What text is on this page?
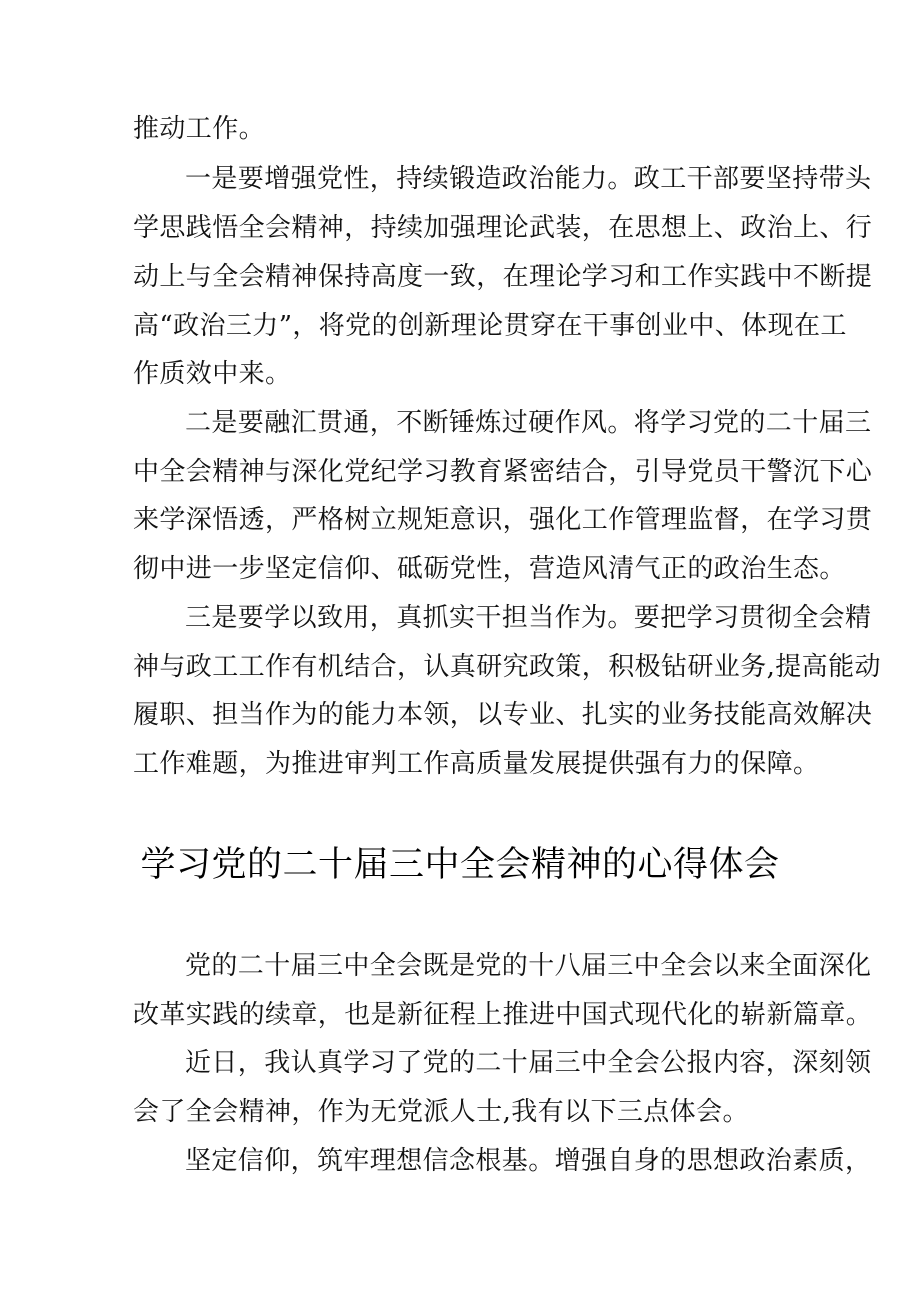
推动工作。
一是要增强党性，持续锻造政治能力。政工干部要坚持带头
学思践悟全会精神，持续加强理论武装，在思想上、政治上、行
动上与全会精神保持高度一致，在理论学习和工作实践中不断提
高“政治三力”，将党的创新理论贯穿在干事创业中、体现在工
作质效中来。
二是要融汇贯通，不断锤炼过硬作风。将学习党的二十届三
中全会精神与深化党纪学习教育紧密结合，引导党员干警沉下心
来学深悟透，严格树立规矩意识，强化工作管理监督，在学习贯
彻中进一步坚定信仰、砥砺党性，营造风清气正的政治生态。
三是要学以致用，真抓实干担当作为。要把学习贯彻全会精
神与政工工作有机结合，认真研究政策，积极钻研业务,提高能动
履职、担当作为的能力本领，以专业、扎实的业务技能高效解决
工作难题，为推进审判工作高质量发展提供强有力的保障。
学习党的二十届三中全会精神的心得体会
党的二十届三中全会既是党的十八届三中全会以来全面深化
改革实践的续章，也是新征程上推进中国式现代化的崭新篇章。
近日，我认真学习了党的二十届三中全会公报内容，深刻领
会了全会精神，作为无党派人士,我有以下三点体会。
坚定信仰，筑牢理想信念根基。增强自身的思想政治素质，
